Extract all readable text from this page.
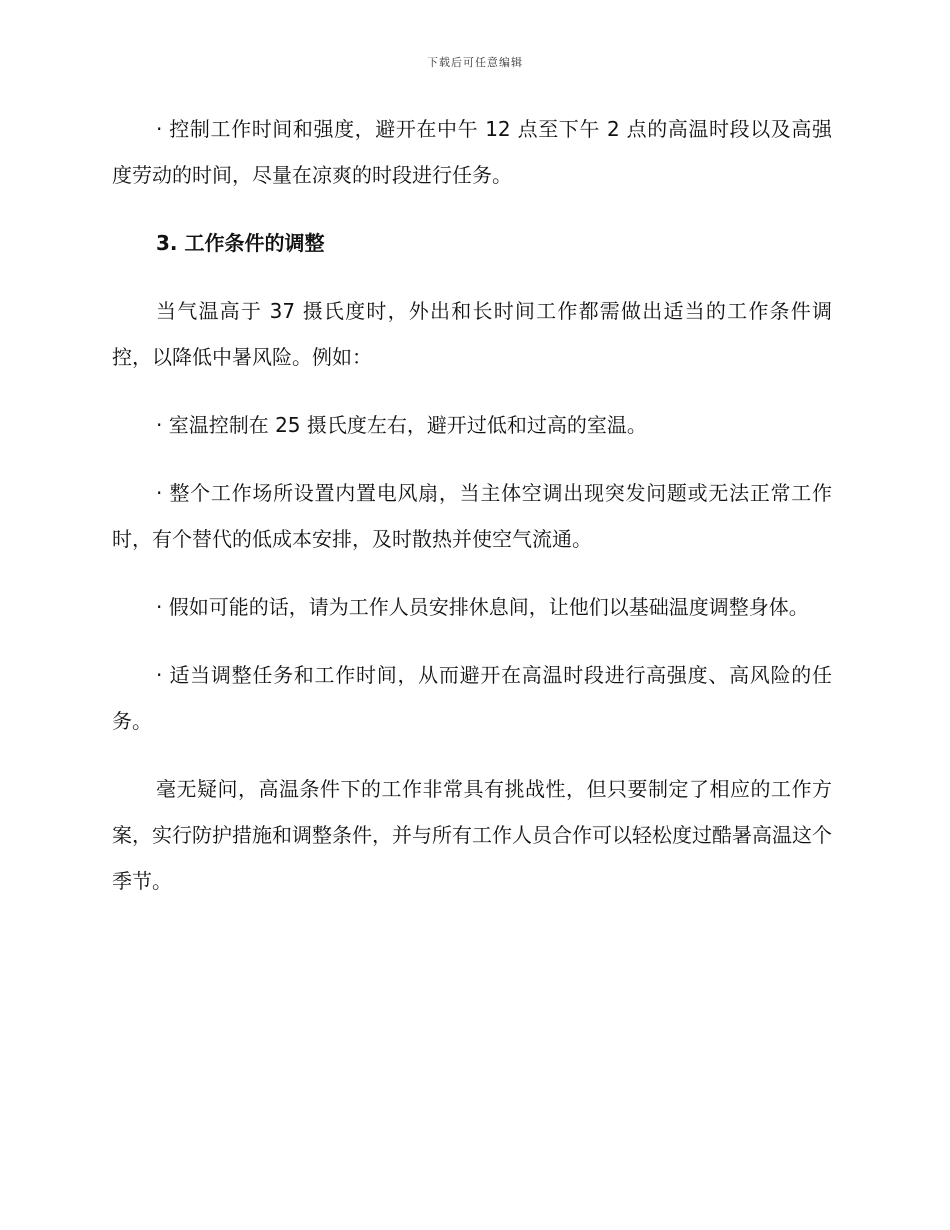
下载后可任意编辑

· 控制工作时间和强度，避开在中午 12 点至下午 2 点的高温时段以及高强度劳动的时间，尽量在凉爽的时段进行任务。

3. 工作条件的调整

当气温高于 37 摄氏度时，外出和长时间工作都需做出适当的工作条件调控，以降低中暑风险。例如：

· 室温控制在 25 摄氏度左右，避开过低和过高的室温。

· 整个工作场所设置内置电风扇，当主体空调出现突发问题或无法正常工作时，有个替代的低成本安排，及时散热并使空气流通。

· 假如可能的话，请为工作人员安排休息间，让他们以基础温度调整身体。

· 适当调整任务和工作时间，从而避开在高温时段进行高强度、高风险的任务。

毫无疑问，高温条件下的工作非常具有挑战性，但只要制定了相应的工作方案，实行防护措施和调整条件，并与所有工作人员合作可以轻松度过酷暑高温这个季节。
